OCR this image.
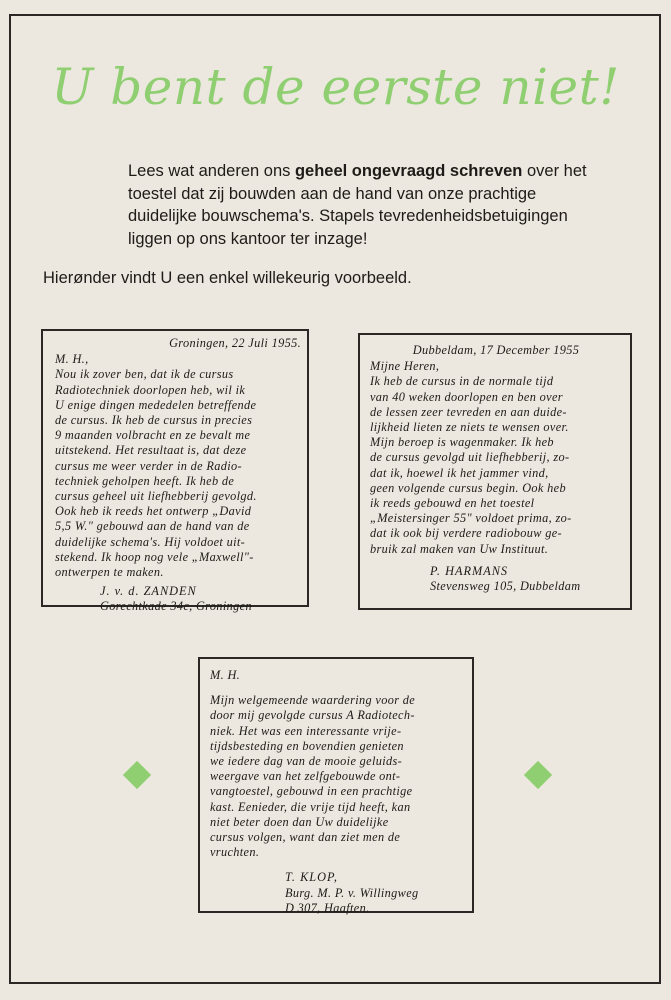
U bent de eerste niet!
Lees wat anderen ons geheel ongevraagd schreven over het toestel dat zij bouwden aan de hand van onze prachtige duidelijke bouwschema's. Stapels tevredenheidsbetuigingen liggen op ons kantoor ter inzage!
Hierønder vindt U een enkel willekeurig voorbeeld.
Groningen, 22 Juli 1955.
M. H.,
Nou ik zover ben, dat ik de cursus
Radiotechniek doorlopen heb, wil ik
U enige dingen mededelen betreffende
de cursus. Ik heb de cursus in precies
9 maanden volbracht en ze bevalt me
uitstekend. Het resultaat is, dat deze
cursus me weer verder in de Radio-
techniek geholpen heeft. Ik heb de
cursus geheel uit liefhebberij gevolgd.
Ook heb ik reeds het ontwerp „David
5,5 W." gebouwd aan de hand van de
duidelijke schema's. Hij voldoet uit-
stekend. Ik hoop nog vele „Maxwell"-
ontwerpen te maken.
J. v. d. ZANDEN
Gorechtkade 34c, Groningen
Dubbeldam, 17 December 1955
Mijne Heren,
Ik heb de cursus in de normale tijd
van 40 weken doorlopen en ben over
de lessen zeer tevreden en aan duide-
lijkheid lieten ze niets te wensen over.
Mijn beroep is wagenmaker. Ik heb
de cursus gevolgd uit liefhebberij, zo-
dat ik, hoewel ik het jammer vind,
geen volgende cursus begin. Ook heb
ik reeds gebouwd en het toestel
„Meistersinger 55" voldoet prima, zo-
dat ik ook bij verdere radiobouw ge-
bruik zal maken van Uw Instituut.
P. HARMANS
Stevensweg 105, Dubbeldam
M. H.
Mijn welgemeende waardering voor de
door mij gevolgde cursus A Radiotech-
niek. Het was een interessante vrije-
tijdsbesteding en bovendien genieten
we iedere dag van de mooie geluids-
weergave van het zelfgebouwde ont-
vangtoestel, gebouwd in een prachtige
kast. Eenieder, die vrije tijd heeft, kan
niet beter doen dan Uw duidelijke
cursus volgen, want dan ziet men de
vruchten.
T. KLOP,
Burg. M. P. v. Willingweg
D 307, Haaften.
